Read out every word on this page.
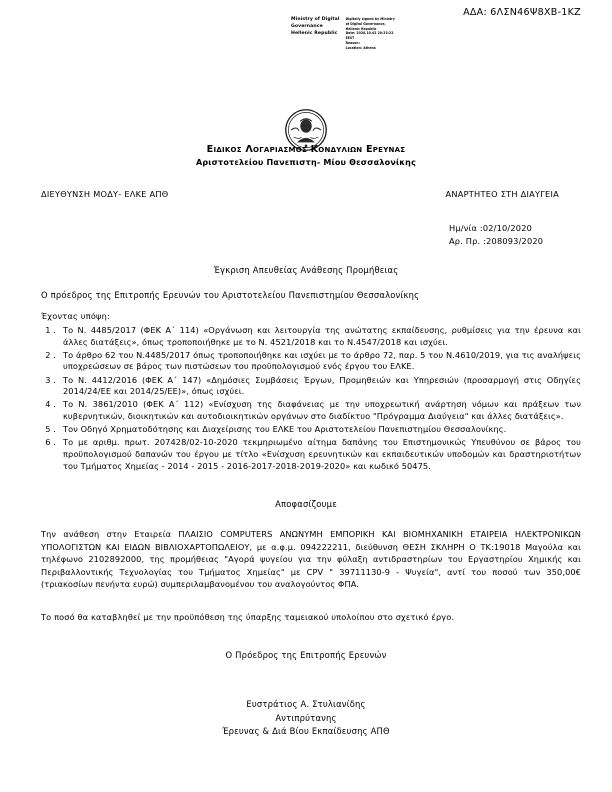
ΑΔΑ: 6ΛΣΝ46Ψ8ΧΒ-1ΚΖ
Ministry of Digital
Governance
Hellenic Republic
Digitally signed by Ministry
of Digital Governance,
Hellenic Republic
Date: 2020.10.02 20:23:22
EEST
Reason:
Location: Athens
Ειδικός Λογαριασμός Κονδυλίων Ερευνας
Αριστοτελείου Πανεπιστη- Μίου Θεσσαλονίκης
ΔΙΕΥΘΥΝΣΗ ΜΟΔΥ- ΕΛΚΕ ΑΠΘ	ΑΝΑΡΤΗΤΕΟ ΣΤΗ ΔΙΑΥΓΕΙΑ
Ημ/νία :02/10/2020
Αρ. Πρ. :208093/2020
Έγκριση Απευθείας Ανάθεσης Προμήθειας
Ο πρόεδρος της Επιτροπής Ερευνών του Αριστοτελείου Πανεπιστημίου Θεσσαλονίκης
Έχοντας υπόψη:
1 . Το Ν. 4485/2017 (ΦΕΚ Α΄ 114) «Οργάνωση και λειτουργία της ανώτατης εκπαίδευσης, ρυθμίσεις για την έρευνα και άλλες διατάξεις», όπως τροποποιήθηκε με το Ν. 4521/2018 και το Ν.4547/2018 και ισχύει.
2 . Το άρθρο 62 του Ν.4485/2017 όπως τροποποιήθηκε και ισχύει με το άρθρο 72, παρ. 5 του Ν.4610/2019, για τις αναλήψεις υποχρεώσεων σε βάρος των πιστώσεων του προϋπολογισμού ενός έργου του ΕΛΚΕ.
3 . Το Ν. 4412/2016 (ΦΕΚ Α΄ 147) «Δημόσιες Συμβάσεις Έργων, Προμηθειών και Υπηρεσιών (προσαρμογή στις Οδηγίες 2014/24/ΕΕ και 2014/25/ΕΕ)», όπως ισχύει.
4 . Το Ν. 3861/2010 (ΦΕΚ Α΄ 112) «Ενίσχυση της διαφάνειας με την υποχρεωτική ανάρτηση νόμων και πράξεων των κυβερνητικών, διοικητικών και αυτοδιοικητικών οργάνων στο διαδίκτυο "Πρόγραμμα Διαύγεια" και άλλες διατάξεις».
5 . Τον Οδηγό Χρηματοδότησης και Διαχείρισης του ΕΛΚΕ του Αριστοτελείου Πανεπιστημίου Θεσσαλονίκης.
6 . Το με αριθμ. πρωτ. 207428/02-10-2020 τεκμηριωμένο αίτημα δαπάνης του Επιστημονικώς Υπευθύνου σε βάρος του προϋπολογισμού δαπανών του έργου με τίτλο «Ενίσχυση ερευνητικών και εκπαιδευτικών υποδομών και δραστηριοτήτων του Τμήματος Χημείας - 2014 - 2015 - 2016-2017-2018-2019-2020» και κωδικό 50475.
Αποφασίζουμε
Την ανάθεση στην Εταιρεία ΠΛΑΙΣΙΟ COMPUTERS ΑΝΩΝΥΜΗ ΕΜΠΟΡΙΚΗ ΚΑΙ ΒΙΟΜΗΧΑΝΙΚΗ ΕΤΑΙΡΕΙΑ ΗΛΕΚΤΡΟΝΙΚΩΝ ΥΠΟΛΟΓΙΣΤΩΝ ΚΑΙ ΕΙΔΩΝ ΒΙΒΛΙΟΧΑΡΤΟΠΩΛΕΙΟΥ, με α.φ.μ. 094222211, διεύθυνση ΘΕΣΗ ΣΚΛΗΡΗ Ο ΤΚ:19018 Μαγούλα και τηλέφωνο 2102892000, της προμήθειας "Αγορά ψυγείου για την φύλαξη αντιδραστηρίων του Εργαστηρίου Χημικής και Περιβαλλοντικής Τεχνολογίας του Τμήματος Χημείας" με CPV " 39711130-9 - Ψυγεία", αντί του ποσού των 350,00€ (τριακοσίων πενήντα ευρώ) συμπεριλαμβανομένου του αναλογούντος ΦΠΑ.
Το ποσό θα καταβληθεί με την προϋπόθεση της ύπαρξης ταμειακού υπολοίπου στο σχετικό έργο.
Ο Πρόεδρος της Επιτροπής Ερευνών
Ευστράτιος Α. Στυλιανίδης
Αντιπρύτανης
Έρευνας & Διά Βίου Εκπαίδευσης ΑΠΘ
